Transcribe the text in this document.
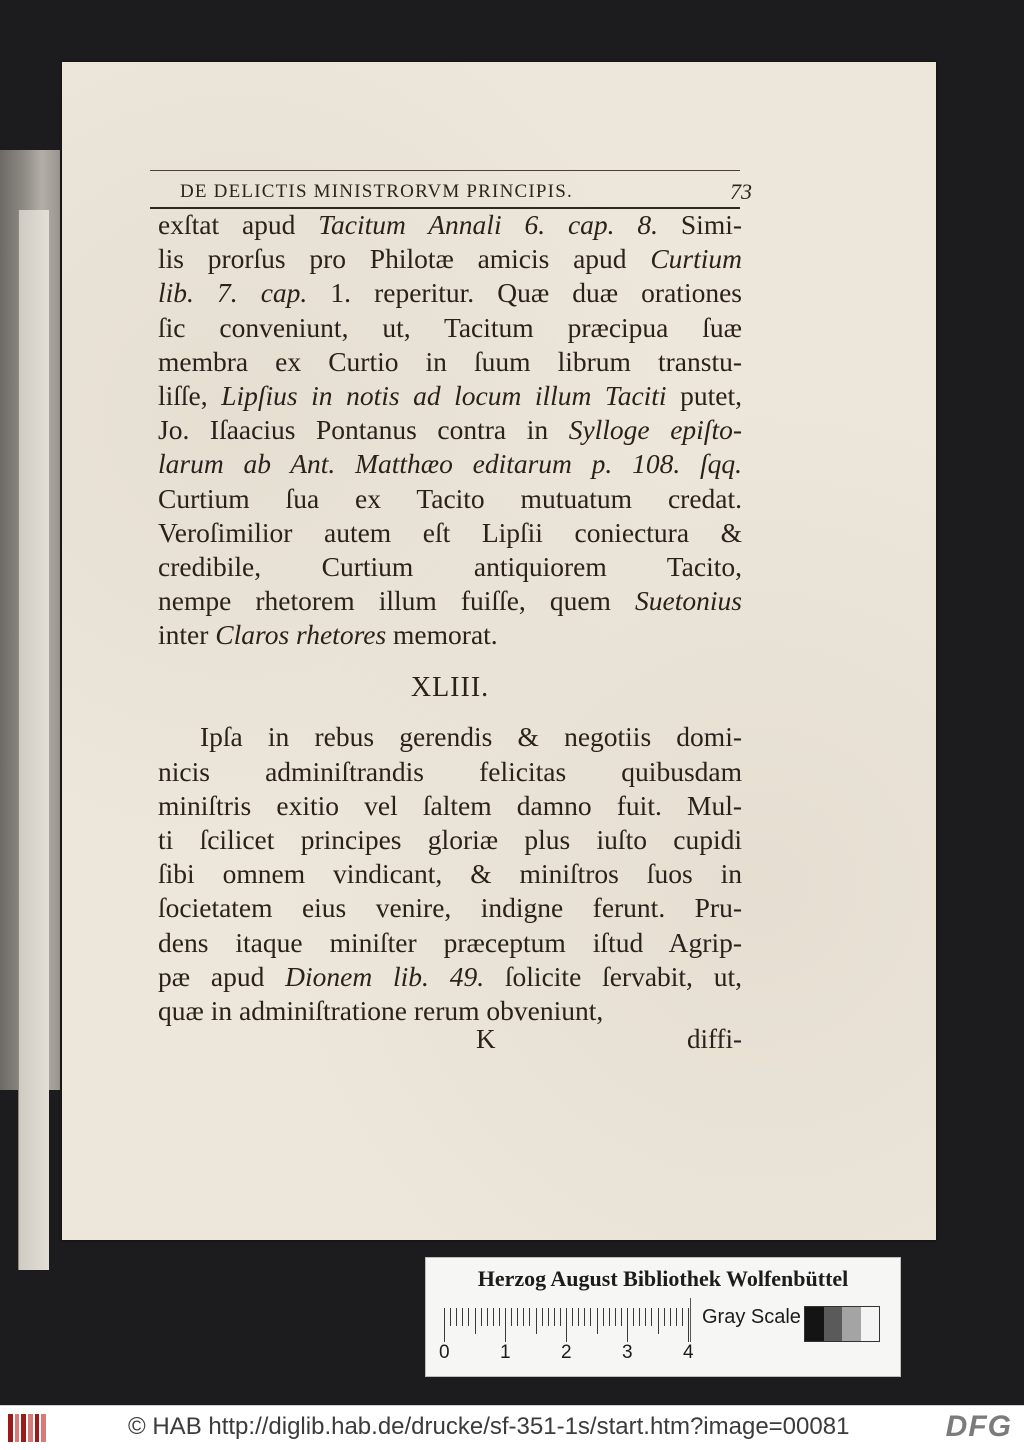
DE DELICTIS MINISTRORVM PRINCIPIS.	73
exſtat apud Tacitum Annali 6. cap. 8. Simi-
lis prorſus pro Philotæ amicis apud Curtium
lib. 7. cap. 1. reperitur. Quæ duæ orationes
ſic conveniunt, ut, Tacitum præcipua ſuæ
membra ex Curtio in ſuum librum transtu-
liſſe, Lipſius in notis ad locum illum Taciti putet,
Jo. Iſaacius Pontanus contra in Sylloge epiſto-
larum ab Ant. Matthæo editarum p. 108. ſqq.
Curtium ſua ex Tacito mutuatum credat.
Veroſimilior autem eſt Lipſii coniectura &
credibile, Curtium antiquiorem Tacito,
nempe rhetorem illum fuiſſe, quem Suetonius
inter Claros rhetores memorat.
XLIII.
Ipſa in rebus gerendis & negotiis domi-
nicis adminiſtrandis felicitas quibusdam
miniſtris exitio vel ſaltem damno fuit. Mul-
ti ſcilicet principes gloriæ plus iuſto cupidi
ſibi omnem vindicant, & miniſtros ſuos in
ſocietatem eius venire, indigne ferunt. Pru-
dens itaque miniſter præceptum iſtud Agrip-
pæ apud Dionem lib. 49. ſolicite ſervabit, ut,
quæ in adminiſtratione rerum obveniunt,
K	diffi-
Herzog August Bibliothek Wolfenbüttel
Gray Scale
0	1	2	3	4
© HAB http://diglib.hab.de/drucke/sf-351-1s/start.htm?image=00081	DFG
